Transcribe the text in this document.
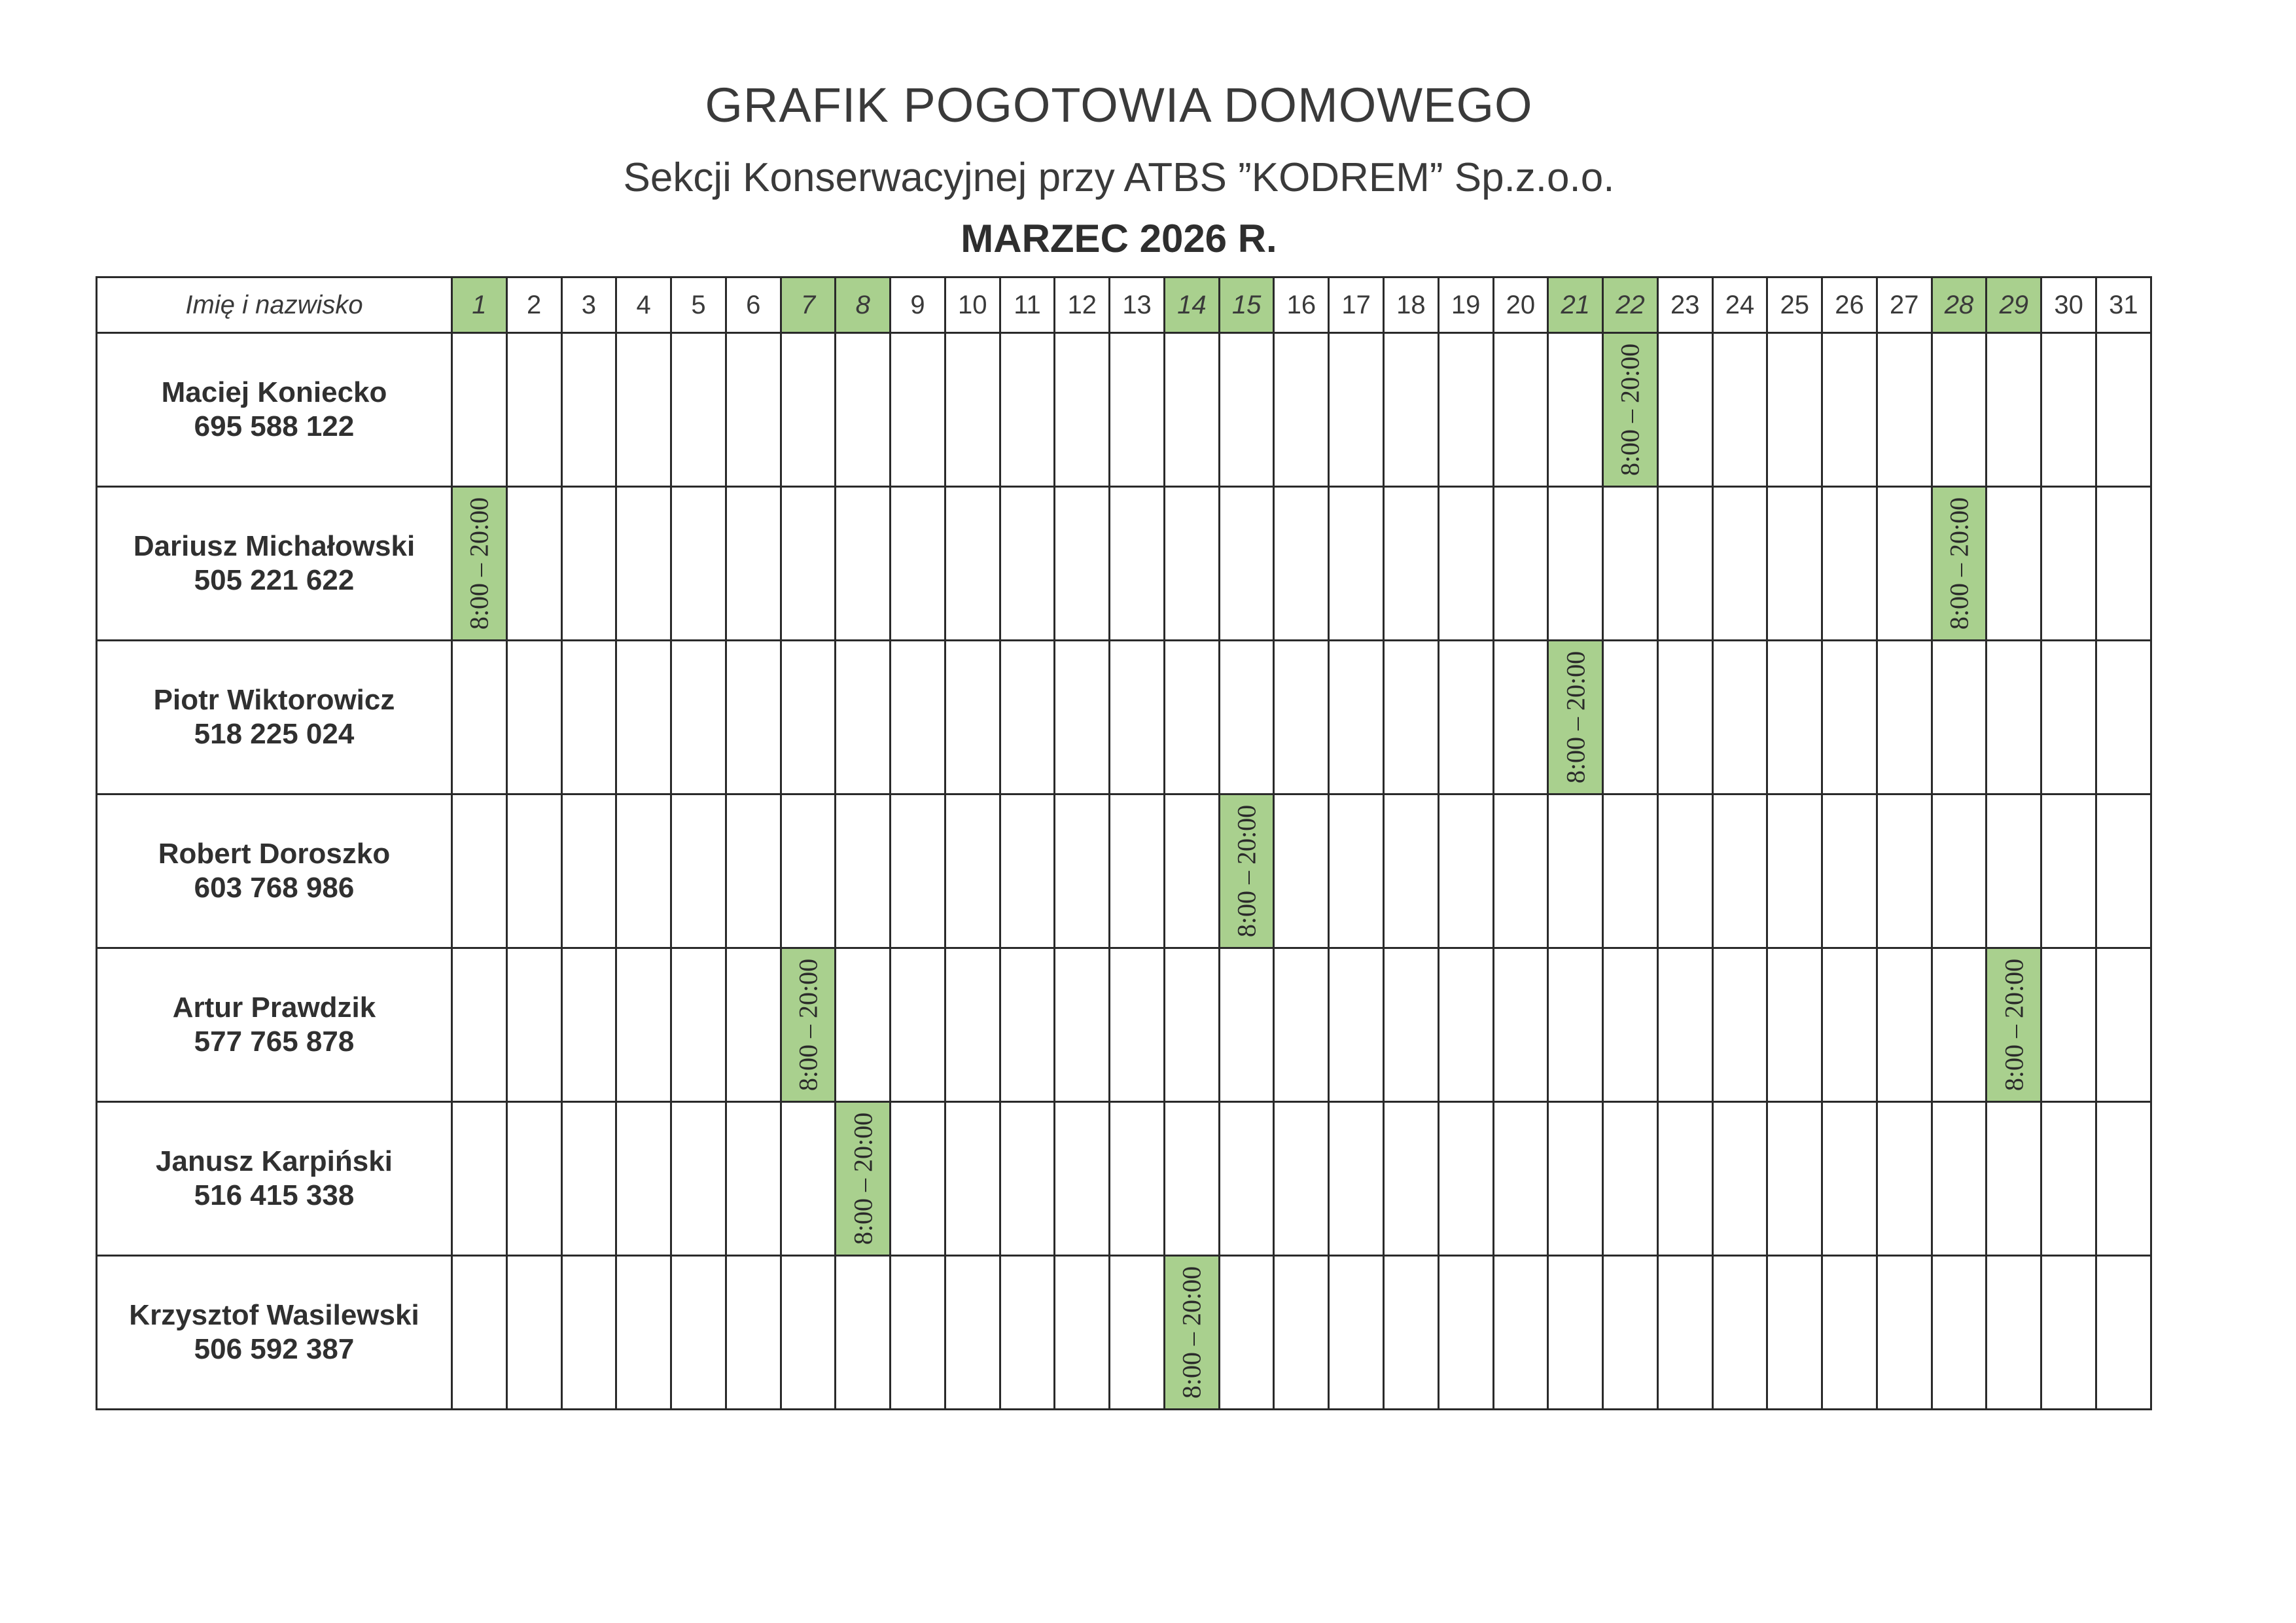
GRAFIK POGOTOWIA DOMOWEGO
Sekcji Konserwacyjnej przy ATBS ”KODREM” Sp.z.o.o.
MARZEC 2026 R.
Imię i nazwisko	1	2	3	4	5	6	7	8	9	10	11	12	13	14	15	16	17	18	19	20	21	22	23	24	25	26	27	28	29	30	31

Maciej Koniecko
695 588 122																						8:00 – 20:00									

Dariusz Michałowski
505 221 622	8:00 – 20:00																											8:00 – 20:00			

Piotr Wiktorowicz
518 225 024																					8:00 – 20:00										

Robert Doroszko
603 768 986															8:00 – 20:00																

Artur Prawdzik
577 765 878							8:00 – 20:00																						8:00 – 20:00		

Janusz Karpiński
516 415 338								8:00 – 20:00																							

Krzysztof Wasilewski
506 592 387														8:00 – 20:00																	
